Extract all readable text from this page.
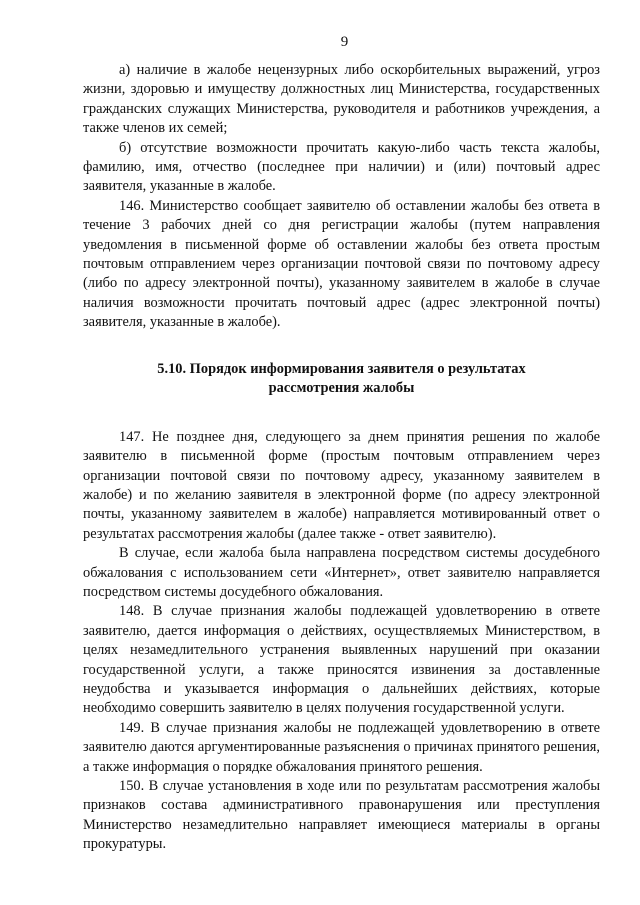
9

а) наличие в жалобе нецензурных либо оскорбительных выражений, угроз жизни, здоровью и имуществу должностных лиц Министерства, государственных гражданских служащих Министерства, руководителя и работников учреждения, а также членов их семей;

б) отсутствие возможности прочитать какую-либо часть текста жалобы, фамилию, имя, отчество (последнее при наличии) и (или) почтовый адрес заявителя, указанные в жалобе.

146. Министерство сообщает заявителю об оставлении жалобы без ответа в течение 3 рабочих дней со дня регистрации жалобы (путем направления уведомления в письменной форме об оставлении жалобы без ответа простым почтовым отправлением через организации почтовой связи по почтовому адресу (либо по адресу электронной почты), указанному заявителем в жалобе в случае наличия возможности прочитать почтовый адрес (адрес электронной почты) заявителя, указанные в жалобе).

5.10. Порядок информирования заявителя о результатах рассмотрения жалобы

147. Не позднее дня, следующего за днем принятия решения по жалобе заявителю в письменной форме (простым почтовым отправлением через организации почтовой связи по почтовому адресу, указанному заявителем в жалобе) и по желанию заявителя в электронной форме (по адресу электронной почты, указанному заявителем в жалобе) направляется мотивированный ответ о результатах рассмотрения жалобы (далее также - ответ заявителю).

В случае, если жалоба была направлена посредством системы досудебного обжалования с использованием сети «Интернет», ответ заявителю направляется посредством системы досудебного обжалования.

148. В случае признания жалобы подлежащей удовлетворению в ответе заявителю, дается информация о действиях, осуществляемых Министерством, в целях незамедлительного устранения выявленных нарушений при оказании государственной услуги, а также приносятся извинения за доставленные неудобства и указывается информация о дальнейших действиях, которые необходимо совершить заявителю в целях получения государственной услуги.

149. В случае признания жалобы не подлежащей удовлетворению в ответе заявителю даются аргументированные разъяснения о причинах принятого решения, а также информация о порядке обжалования принятого решения.

150. В случае установления в ходе или по результатам рассмотрения жалобы признаков состава административного правонарушения или преступления Министерство незамедлительно направляет имеющиеся материалы в органы прокуратуры.
